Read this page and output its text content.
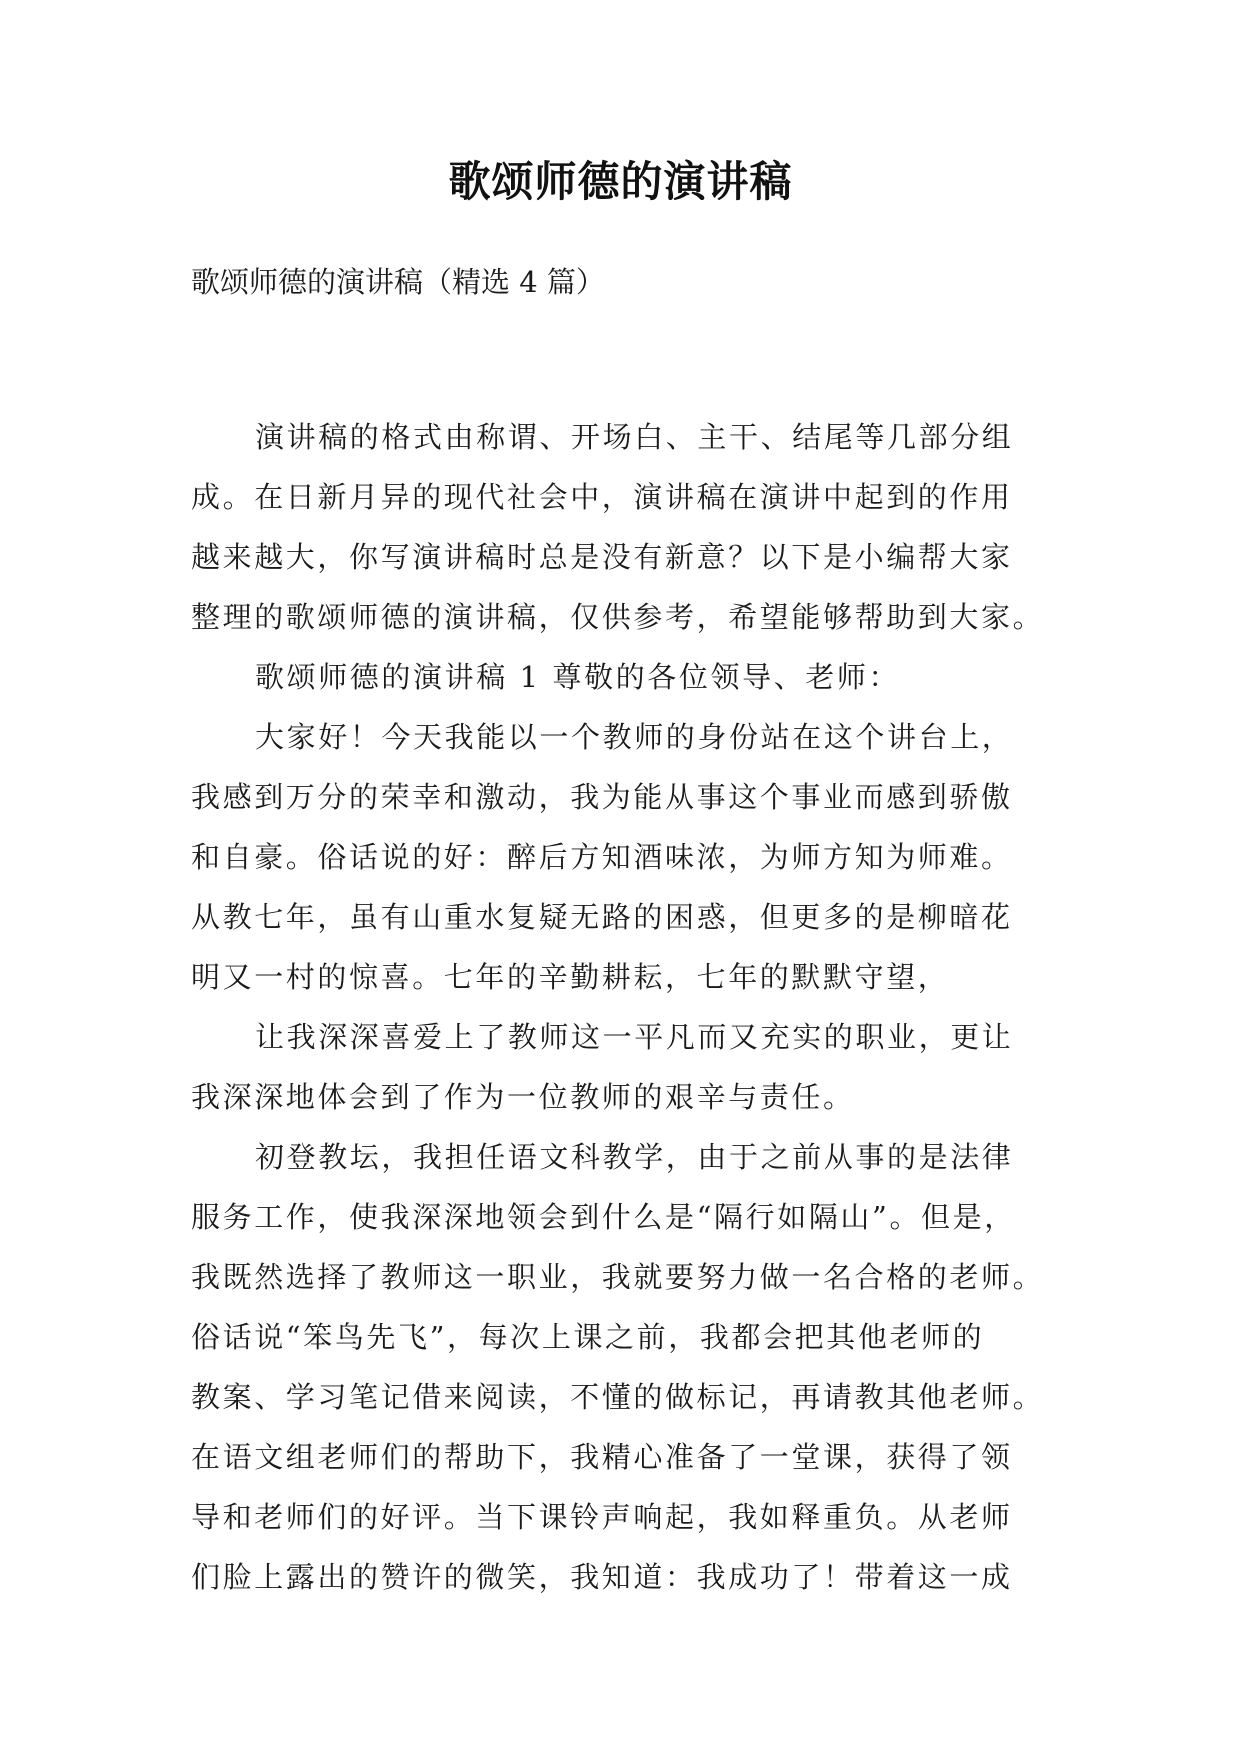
歌颂师德的演讲稿
歌颂师德的演讲稿（精选 4 篇）
演讲稿的格式由称谓、开场白、主干、结尾等几部分组
成。在日新月异的现代社会中，演讲稿在演讲中起到的作用
越来越大，你写演讲稿时总是没有新意？以下是小编帮大家
整理的歌颂师德的演讲稿，仅供参考，希望能够帮助到大家。
歌颂师德的演讲稿 1 尊敬的各位领导、老师：
大家好！今天我能以一个教师的身份站在这个讲台上，
我感到万分的荣幸和激动，我为能从事这个事业而感到骄傲
和自豪。俗话说的好：醉后方知酒味浓，为师方知为师难。
从教七年，虽有山重水复疑无路的困惑，但更多的是柳暗花
明又一村的惊喜。七年的辛勤耕耘，七年的默默守望，
让我深深喜爱上了教师这一平凡而又充实的职业，更让
我深深地体会到了作为一位教师的艰辛与责任。
初登教坛，我担任语文科教学，由于之前从事的是法律
服务工作，使我深深地领会到什么是“隔行如隔山”。但是，
我既然选择了教师这一职业，我就要努力做一名合格的老师。
俗话说“笨鸟先飞”，每次上课之前，我都会把其他老师的
教案、学习笔记借来阅读，不懂的做标记，再请教其他老师。
在语文组老师们的帮助下，我精心准备了一堂课，获得了领
导和老师们的好评。当下课铃声响起，我如释重负。从老师
们脸上露出的赞许的微笑，我知道：我成功了！带着这一成
